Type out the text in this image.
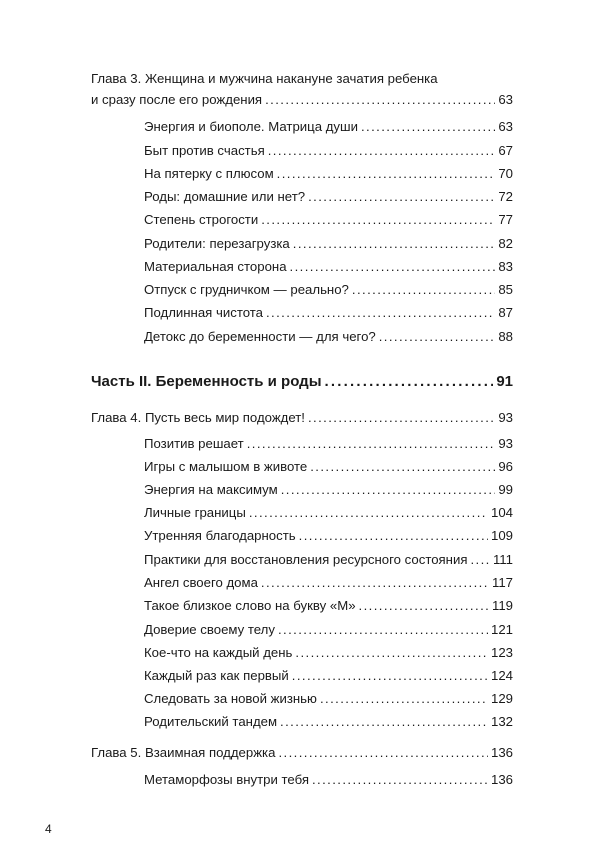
Глава 3. Женщина и мужчина накануне зачатия ребенка
и сразу после его рождения .....	63
Энергия и биополе. Матрица души .....	63
Быт против счастья .....	67
На пятерку с плюсом .....	70
Роды: домашние или нет? .....	72
Степень строгости .....	77
Родители: перезагрузка .....	82
Материальная сторона .....	83
Отпуск с грудничком — реально? .....	85
Подлинная чистота .....	87
Детокс до беременности — для чего? .....	88
Часть II. Беременность и роды .....	91
Глава 4. Пусть весь мир подождет! .....	93
Позитив решает .....	93
Игры с малышом в животе .....	96
Энергия на максимум .....	99
Личные границы .....	104
Утренняя благодарность .....	109
Практики для восстановления ресурсного состояния ..... 111
Ангел своего дома .....	117
Такое близкое слово на букву «М» .....	119
Доверие своему телу .....	121
Кое-что на каждый день .....	123
Каждый раз как первый .....	124
Следовать за новой жизнью .....	129
Родительский тандем .....	132
Глава 5. Взаимная поддержка .....	136
Метаморфозы внутри тебя .....	136
4
